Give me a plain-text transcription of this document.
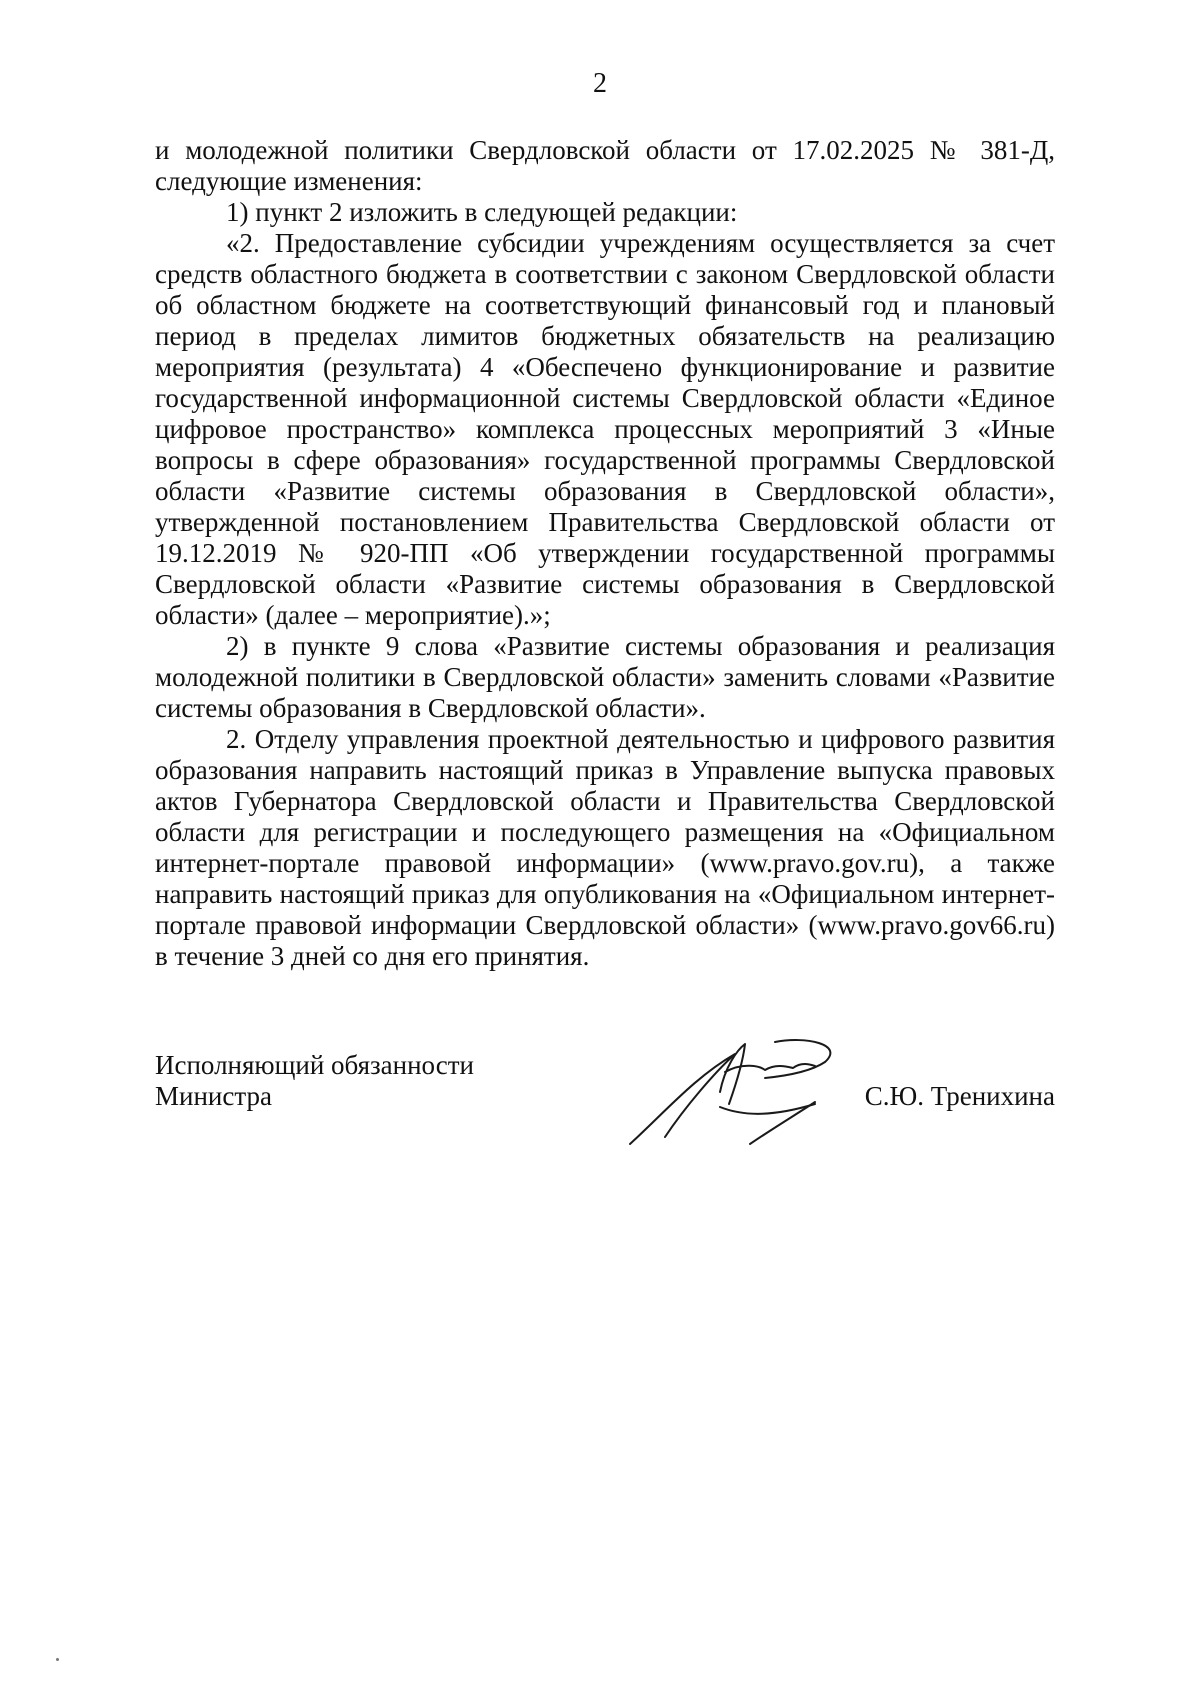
2

и молодежной политики Свердловской области от 17.02.2025 № 381-Д, следующие изменения:

1) пункт 2 изложить в следующей редакции:

«2. Предоставление субсидии учреждениям осуществляется за счет средств областного бюджета в соответствии с законом Свердловской области об областном бюджете на соответствующий финансовый год и плановый период в пределах лимитов бюджетных обязательств на реализацию мероприятия (результата) 4 «Обеспечено функционирование и развитие государственной информационной системы Свердловской области «Единое цифровое пространство» комплекса процессных мероприятий 3 «Иные вопросы в сфере образования» государственной программы Свердловской области «Развитие системы образования в Свердловской области», утвержденной постановлением Правительства Свердловской области от 19.12.2019 № 920-ПП «Об утверждении государственной программы Свердловской области «Развитие системы образования в Свердловской области» (далее – мероприятие).»;

2) в пункте 9 слова «Развитие системы образования и реализация молодежной политики в Свердловской области» заменить словами «Развитие системы образования в Свердловской области».

2. Отделу управления проектной деятельностью и цифрового развития образования направить настоящий приказ в Управление выпуска правовых актов Губернатора Свердловской области и Правительства Свердловской области для регистрации и последующего размещения на «Официальном интернет-портале правовой информации» (www.pravo.gov.ru), а также направить настоящий приказ для опубликования на «Официальном интернет-портале правовой информации Свердловской области» (www.pravo.gov66.ru) в течение 3 дней со дня его принятия.

Исполняющий обязанности
Министра	С.Ю. Тренихина
